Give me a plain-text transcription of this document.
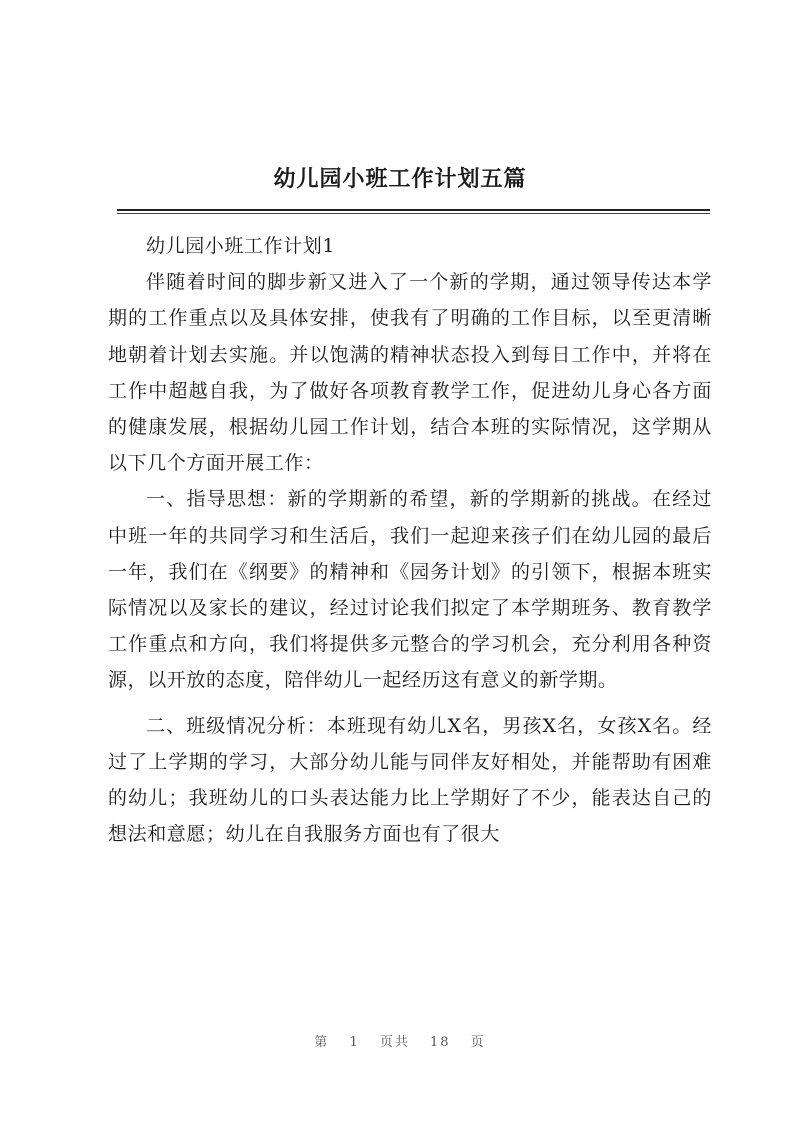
幼儿园小班工作计划五篇

幼儿园小班工作计划1

伴随着时间的脚步新又进入了一个新的学期，通过领导传达本学期的工作重点以及具体安排，使我有了明确的工作目标，以至更清晰地朝着计划去实施。并以饱满的精神状态投入到每日工作中，并将在工作中超越自我，为了做好各项教育教学工作，促进幼儿身心各方面的健康发展，根据幼儿园工作计划，结合本班的实际情况，这学期从以下几个方面开展工作：

一、指导思想：新的学期新的希望，新的学期新的挑战。在经过中班一年的共同学习和生活后，我们一起迎来孩子们在幼儿园的最后一年，我们在《纲要》的精神和《园务计划》的引领下，根据本班实际情况以及家长的建议，经过讨论我们拟定了本学期班务、教育教学工作重点和方向，我们将提供多元整合的学习机会，充分利用各种资源，以开放的态度，陪伴幼儿一起经历这有意义的新学期。

二、班级情况分析：本班现有幼儿X名，男孩X名，女孩X名。经过了上学期的学习，大部分幼儿能与同伴友好相处，并能帮助有困难的幼儿；我班幼儿的口头表达能力比上学期好了不少，能表达自己的想法和意愿；幼儿在自我服务方面也有了很大

第 1 页共 18 页
